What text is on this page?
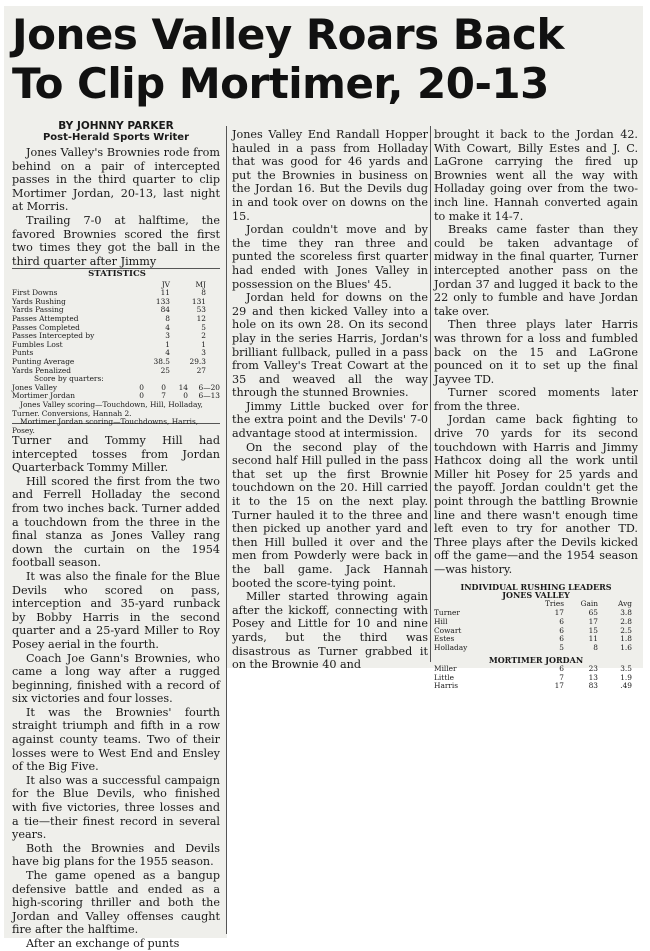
Jones Valley Roars Back
To Clip Mortimer, 20-13
BY JOHNNY PARKER
Post-Herald Sports Writer

Jones Valley's Brownies rode from behind on a pair of intercepted passes in the third quarter to clip Mortimer Jordan, 20-13, last night at Morris.

Trailing 7-0 at halftime, the favored Brownies scored the first two times they got the ball in the third quarter after Jimmy

STATISTICS
JV	MJ
First Downs	11	8
Yards Rushing	133	131
Yards Passing	84	53
Passes Attempted	8	12
Passes Completed	4	5
Passes Intercepted by	3	2
Fumbles Lost	1	1
Punts	4	3
Punting Average	38.5	29.3
Yards Penalized	25	27
Score by quarters:
Jones Valley	0	0	14	6—20
Mortimer Jordan	0	7	0	6—13

Jones Valley scoring—Touchdown, Hill, Holladay, Turner. Conversions, Hannah 2.

Mortimer Jordan scoring—Touchdowns, Harris, Posey.

Turner and Tommy Hill had intercepted tosses from Jordan Quarterback Tommy Miller.

Hill scored the first from the two and Ferrell Holladay the second from two inches back. Turner added a touchdown from the three in the final stanza as Jones Valley rang down the curtain on the 1954 football season.

It was also the finale for the Blue Devils who scored on pass, interception and 35-yard runback by Bobby Harris in the second quarter and a 25-yard Miller to Roy Posey aerial in the fourth.

Coach Joe Gann's Brownies, who came a long way after a rugged beginning, finished with a record of six victories and four losses.

It was the Brownies' fourth straight triumph and fifth in a row against county teams. Two of their losses were to West End and Ensley of the Big Five.

It also was a successful campaign for the Blue Devils, who finished with five victories, three losses and a tie—their finest record in several years.

Both the Brownies and Devils have big plans for the 1955 season.

The game opened as a bangup defensive battle and ended as a high-scoring thriller and both the Jordan and Valley offenses caught fire after the halftime.

After an exchange of punts

Jones Valley End Randall Hopper hauled in a pass from Holladay that was good for 46 yards and put the Brownies in business on the Jordan 16. But the Devils dug in and took over on downs on the 15.

Jordan couldn't move and by the time they ran three and punted the scoreless first quarter had ended with Jones Valley in possession on the Blues' 45.

Jordan held for downs on the 29 and then kicked Valley into a hole on its own 28. On its second play in the series Harris, Jordan's brilliant fullback, pulled in a pass from Valley's Treat Cowart at the 35 and weaved all the way through the stunned Brownies.

Jimmy Little bucked over for the extra point and the Devils' 7-0 advantage stood at intermission.

On the second play of the second half Hill pulled in the pass that set up the first Brownie touchdown on the 20. Hill carried it to the 15 on the next play. Turner hauled it to the three and then picked up another yard and then Hill bulled it over and the men from Powderly were back in the ball game. Jack Hannah booted the score-tying point.

Miller started throwing again after the kickoff, connecting with Posey and Little for 10 and nine yards, but the third was disastrous as Turner grabbed it on the Brownie 40 and

brought it back to the Jordan 42. With Cowart, Billy Estes and J. C. LaGrone carrying the fired up Brownies went all the way with Holladay going over from the two-inch line. Hannah converted again to make it 14-7.

Breaks came faster than they could be taken advantage of midway in the final quarter, Turner intercepted another pass on the Jordan 37 and lugged it back to the 22 only to fumble and have Jordan take over.

Then three plays later Harris was thrown for a loss and fumbled back on the 15 and LaGrone pounced on it to set up the final Jayvee TD.

Turner scored moments later from the three.

Jordan came back fighting to drive 70 yards for its second touchdown with Harris and Jimmy Hathcox doing all the work until Miller hit Posey for 25 yards and the payoff. Jordan couldn't get the point through the battling Brownie line and there wasn't enough time left even to try for another TD. Three plays after the Devils kicked off the game—and the 1954 season—was history.

INDIVIDUAL RUSHING LEADERS
JONES VALLEY
Tries	Gain	Avg
Turner	17	65	3.8
Hill	6	17	2.8
Cowart	6	15	2.5
Estes	6	11	1.8
Holladay	5	8	1.6
MORTIMER JORDAN
Miller	6	23	3.5
Little	7	13	1.9
Harris	17	83	.49
